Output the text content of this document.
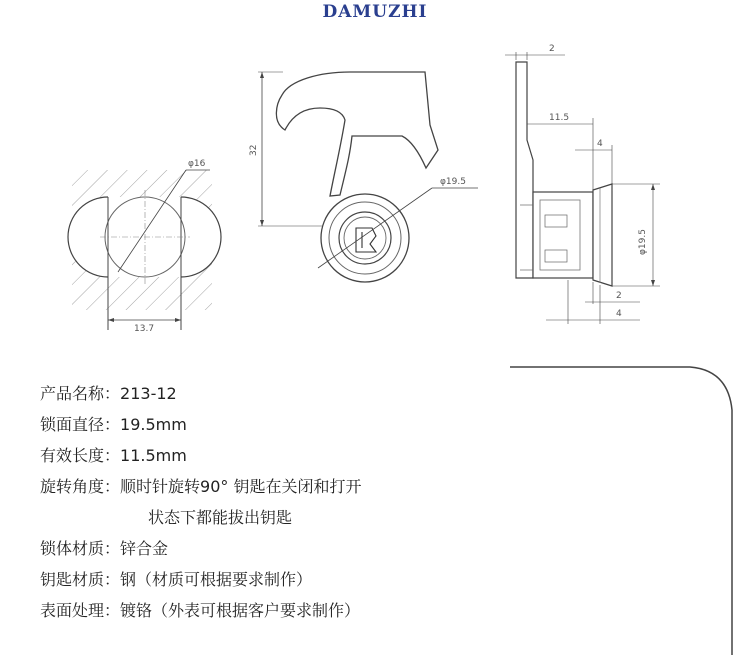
DAMUZHI
φ16
13.7
φ19.5
32
2
11.5
4
φ19.5
2
4
产品名称：213-12
锁面直径：19.5mm
有效长度：11.5mm
旋转角度：顺时针旋转90° 钥匙在关闭和打开
状态下都能拔出钥匙
锁体材质：锌合金
钥匙材质：钢（材质可根据要求制作）
表面处理：镀铬（外表可根据客户要求制作）
